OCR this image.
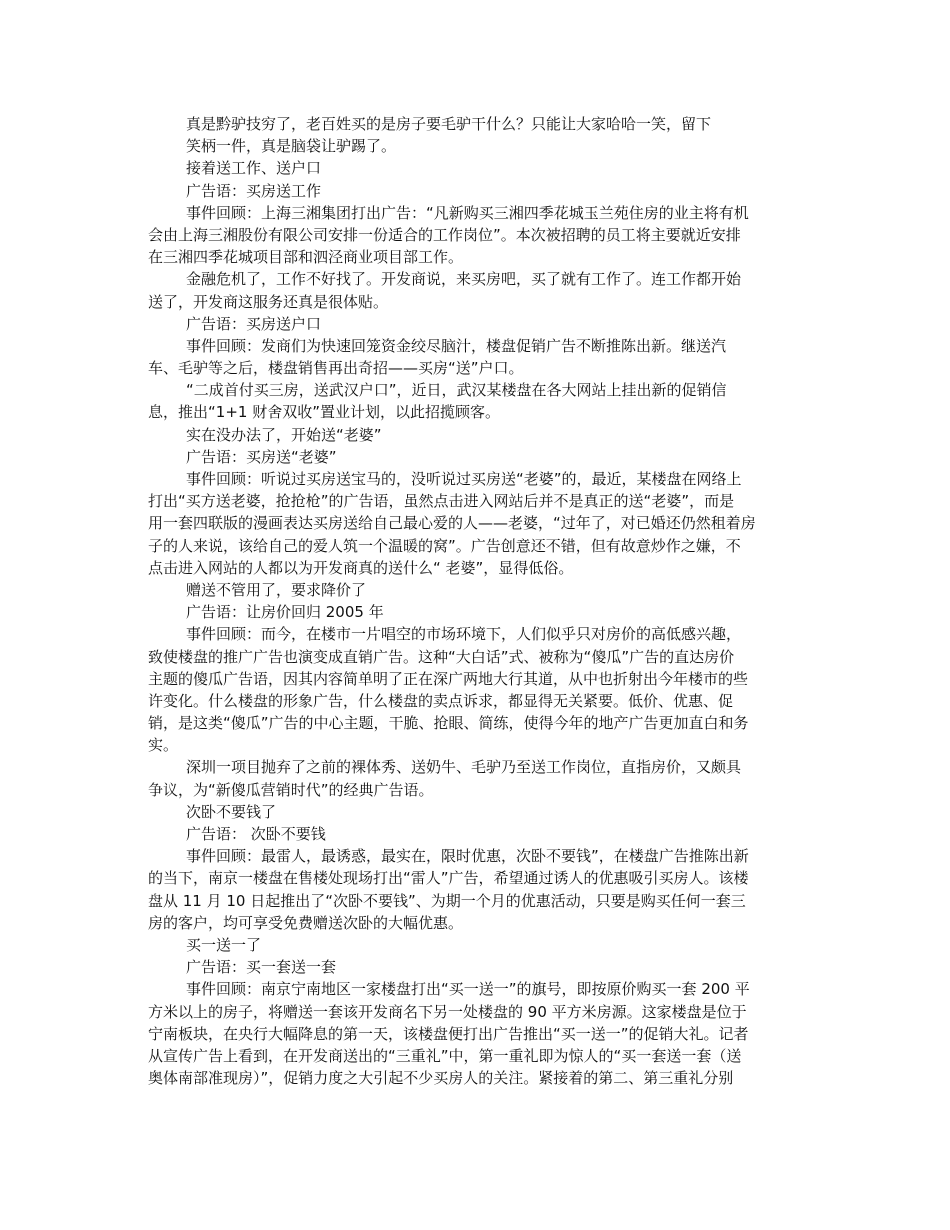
真是黔驴技穷了，老百姓买的是房子要毛驴干什么？只能让大家哈哈一笑，留下
笑柄一件，真是脑袋让驴踢了。
接着送工作、送户口
广告语：买房送工作
事件回顾：上海三湘集团打出广告：“凡新购买三湘四季花城玉兰苑住房的业主将有机
会由上海三湘股份有限公司安排一份适合的工作岗位”。本次被招聘的员工将主要就近安排
在三湘四季花城项目部和泗泾商业项目部工作。
金融危机了，工作不好找了。开发商说，来买房吧，买了就有工作了。连工作都开始
送了，开发商这服务还真是很体贴。
广告语：买房送户口
事件回顾：发商们为快速回笼资金绞尽脑汁，楼盘促销广告不断推陈出新。继送汽
车、毛驴等之后，楼盘销售再出奇招——买房“送”户口。
“二成首付买三房，送武汉户口”，近日，武汉某楼盘在各大网站上挂出新的促销信
息，推出“1+1 财舍双收”置业计划，以此招揽顾客。
实在没办法了，开始送“老婆”
广告语：买房送“老婆”
事件回顾：听说过买房送宝马的，没听说过买房送“老婆”的，最近，某楼盘在网络上
打出“买方送老婆，抢抢枪”的广告语，虽然点击进入网站后并不是真正的送“老婆”，而是
用一套四联版的漫画表达买房送给自己最心爱的人——老婆，“过年了，对已婚还仍然租着房
子的人来说，该给自己的爱人筑一个温暖的窝”。广告创意还不错，但有故意炒作之嫌，不
点击进入网站的人都以为开发商真的送什么“ 老婆”，显得低俗。
赠送不管用了，要求降价了
广告语：让房价回归 2005 年
事件回顾：而今，在楼市一片唱空的市场环境下，人们似乎只对房价的高低感兴趣，
致使楼盘的推广广告也演变成直销广告。这种“大白话”式、被称为“傻瓜”广告的直达房价
主题的傻瓜广告语，因其内容简单明了正在深广两地大行其道，从中也折射出今年楼市的些
许变化。什么楼盘的形象广告，什么楼盘的卖点诉求，都显得无关紧要。低价、优惠、促
销，是这类“傻瓜”广告的中心主题，干脆、抢眼、简练，使得今年的地产广告更加直白和务
实。
深圳一项目抛弃了之前的裸体秀、送奶牛、毛驴乃至送工作岗位，直指房价，又颇具
争议，为“新傻瓜营销时代”的经典广告语。
次卧不要钱了
广告语： 次卧不要钱
事件回顾：最雷人，最诱惑，最实在，限时优惠，次卧不要钱”，在楼盘广告推陈出新
的当下，南京一楼盘在售楼处现场打出“雷人”广告，希望通过诱人的优惠吸引买房人。该楼
盘从 11 月 10 日起推出了“次卧不要钱”、为期一个月的优惠活动，只要是购买任何一套三
房的客户，均可享受免费赠送次卧的大幅优惠。
买一送一了
广告语：买一套送一套
事件回顾：南京宁南地区一家楼盘打出“买一送一”的旗号，即按原价购买一套 200 平
方米以上的房子，将赠送一套该开发商名下另一处楼盘的 90 平方米房源。这家楼盘是位于
宁南板块，在央行大幅降息的第一天，该楼盘便打出广告推出“买一送一”的促销大礼。记者
从宣传广告上看到，在开发商送出的“三重礼”中，第一重礼即为惊人的“买一套送一套（送
奥体南部准现房）”，促销力度之大引起不少买房人的关注。紧接着的第二、第三重礼分别
